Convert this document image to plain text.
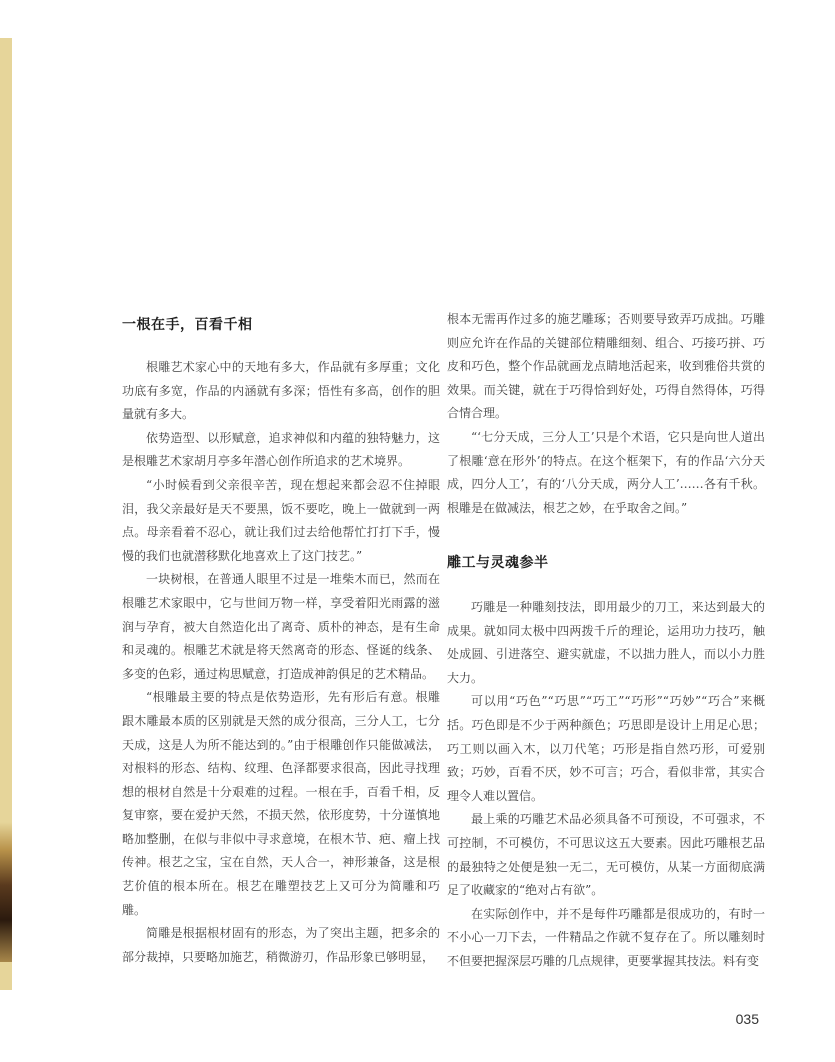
一根在手，百看千相

根雕艺术家心中的天地有多大，作品就有多厚重；文化功底有多宽，作品的内涵就有多深；悟性有多高，创作的胆量就有多大。

依势造型、以形赋意，追求神似和内蕴的独特魅力，这是根雕艺术家胡月亭多年潜心创作所追求的艺术境界。

“小时候看到父亲很辛苦，现在想起来都会忍不住掉眼泪，我父亲最好是天不要黑，饭不要吃，晚上一做就到一两点。母亲看着不忍心，就让我们过去给他帮忙打打下手，慢慢的我们也就潜移默化地喜欢上了这门技艺。”

一块树根，在普通人眼里不过是一堆柴木而已，然而在根雕艺术家眼中，它与世间万物一样，享受着阳光雨露的滋润与孕育，被大自然造化出了离奇、质朴的神态，是有生命和灵魂的。根雕艺术就是将天然离奇的形态、怪诞的线条、多变的色彩，通过构思赋意，打造成神韵俱足的艺术精品。

“根雕最主要的特点是依势造形，先有形后有意。根雕跟木雕最本质的区别就是天然的成分很高，三分人工，七分天成，这是人为所不能达到的。”由于根雕创作只能做减法，对根料的形态、结构、纹理、色泽都要求很高，因此寻找理想的根材自然是十分艰难的过程。一根在手，百看千相，反复审察，要在爱护天然，不损天然，依形度势，十分谨慎地略加整删，在似与非似中寻求意境，在根木节、疤、瘤上找传神。根艺之宝，宝在自然，天人合一，神形兼备，这是根艺价值的根本所在。根艺在雕塑技艺上又可分为简雕和巧雕。

简雕是根据根材固有的形态，为了突出主题，把多余的部分裁掉，只要略加施艺，稍微游刃，作品形象已够明显，

根本无需再作过多的施艺雕琢；否则要导致弄巧成拙。巧雕则应允许在作品的关键部位精雕细刻、组合、巧接巧拼、巧皮和巧色，整个作品就画龙点睛地活起来，收到雅俗共赏的效果。而关键，就在于巧得恰到好处，巧得自然得体，巧得合情合理。

“‘七分天成，三分人工’只是个术语，它只是向世人道出了根雕‘意在形外’的特点。在这个框架下，有的作品‘六分天成，四分人工’，有的‘八分天成，两分人工’……各有千秋。根雕是在做减法，根艺之妙，在乎取舍之间。”

雕工与灵魂参半

巧雕是一种雕刻技法，即用最少的刀工，来达到最大的成果。就如同太极中四两拨千斤的理论，运用功力技巧，触处成圆、引进落空、避实就虚，不以拙力胜人，而以小力胜大力。

可以用“巧色”“巧思”“巧工”“巧形”“巧妙”“巧合”来概括。巧色即是不少于两种颜色；巧思即是设计上用足心思；巧工则以画入木，以刀代笔；巧形是指自然巧形，可爱别致；巧妙，百看不厌，妙不可言；巧合，看似非常，其实合理令人难以置信。

最上乘的巧雕艺术品必须具备不可预设，不可强求，不可控制，不可模仿，不可思议这五大要素。因此巧雕根艺品的最独特之处便是独一无二，无可模仿，从某一方面彻底满足了收藏家的“绝对占有欲”。

在实际创作中，并不是每件巧雕都是很成功的，有时一不小心一刀下去，一件精品之作就不复存在了。所以雕刻时不但要把握深层巧雕的几点规律，更要掌握其技法。料有变

035
